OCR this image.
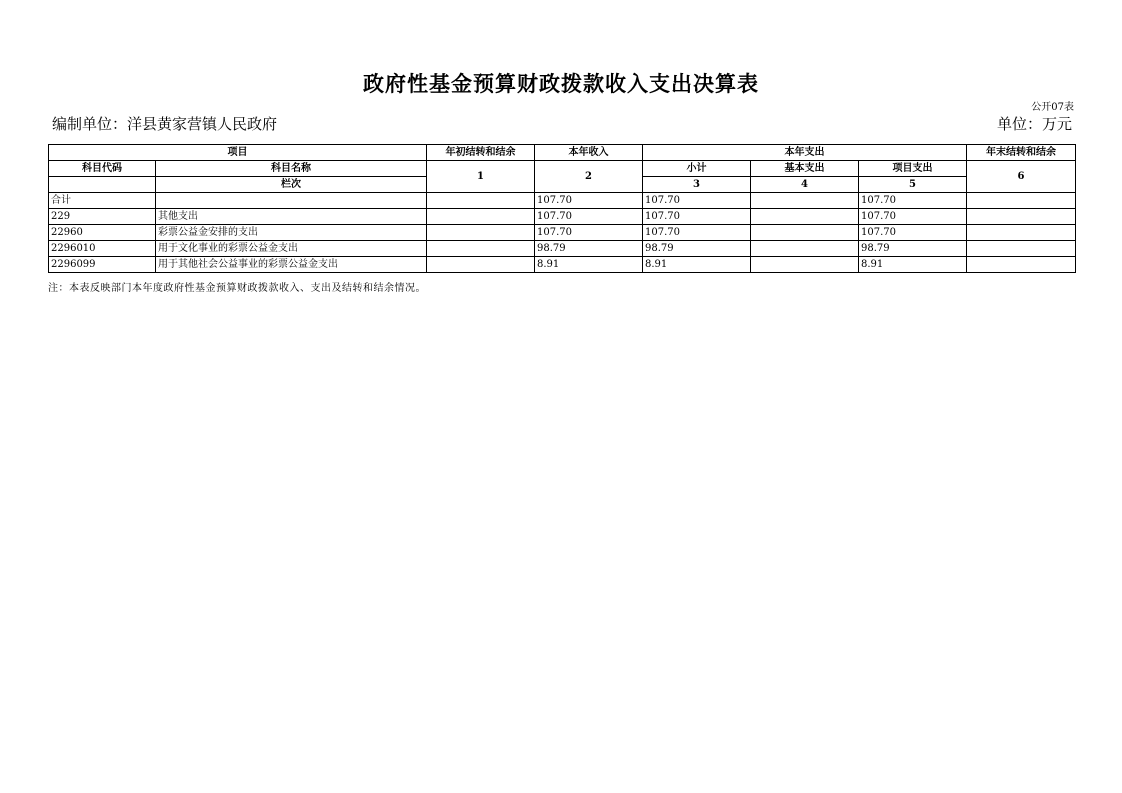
政府性基金预算财政拨款收入支出决算表
公开07表
编制单位：洋县黄家营镇人民政府	单位：万元
项目		年初结转和结余	本年收入	本年支出			年末结转和结余
科目代码	科目名称	1	2	小计	基本支出	项目支出	6
	栏次			3	4	5	
合计			107.70	107.70		107.70	
229	其他支出		107.70	107.70		107.70	
22960	彩票公益金安排的支出		107.70	107.70		107.70	
2296010	用于文化事业的彩票公益金支出		98.79	98.79		98.79	
2296099	用于其他社会公益事业的彩票公益金支出		8.91	8.91		8.91	
注：本表反映部门本年度政府性基金预算财政拨款收入、支出及结转和结余情况。
